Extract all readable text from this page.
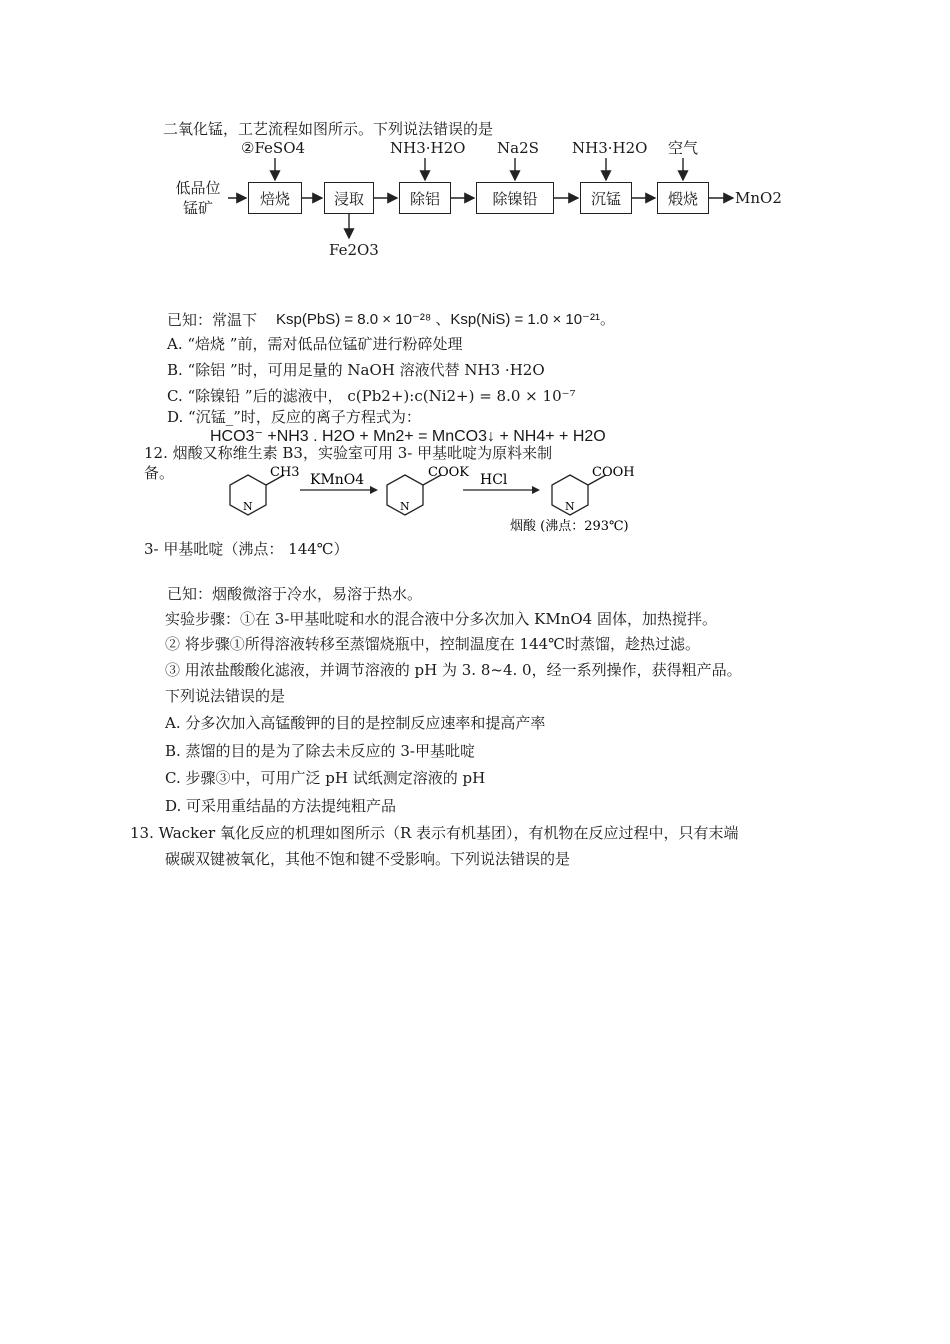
二氧化锰，工艺流程如图所示。下列说法错误的是
低品位锰矿	焙烧	浸取	除铝	除镍铅	沉锰	煅烧	MnO2
②FeSO4	NH3·H2O Na2S NH3·H2O 空气
Fe2O3
已知：常温下 Ksp(PbS) = 8.0 × 10⁻²⁸ 、Ksp(NiS) = 1.0 × 10⁻²¹。
A. “焙烧 ”前，需对低品位锰矿进行粉碎处理
B. “除铝 ”时，可用足量的 NaOH 溶液代替 NH3 ·H2O
C. “除镍铅 ”后的滤液中， c(Pb2+):c(Ni2+) = 8.0 × 10⁻⁷
D. “沉锰_”时，反应的离子方程式为：
HCO3⁻ +NH3 . H2O + Mn2+ = MnCO3↓ + NH4+ + H2O
12. 烟酸又称维生素 B3，实验室可用 3- 甲基吡啶为原料来制
备。	KMnO4	HCl
CH3	COOK	COOH
N	N	N
烟酸 (沸点：293℃)
3- 甲基吡啶（沸点： 144℃）
已知：烟酸微溶于冷水，易溶于热水。
实验步骤：①在 3-甲基吡啶和水的混合液中分多次加入 KMnO4 固体，加热搅拌。
② 将步骤①所得溶液转移至蒸馏烧瓶中，控制温度在 144℃时蒸馏，趁热过滤。
③ 用浓盐酸酸化滤液，并调节溶液的 pH 为 3. 8~4. 0，经一系列操作，获得粗产品。
下列说法错误的是
A. 分多次加入高锰酸钾的目的是控制反应速率和提高产率
B. 蒸馏的目的是为了除去未反应的 3-甲基吡啶
C. 步骤③中，可用广泛 pH 试纸测定溶液的 pH
D. 可采用重结晶的方法提纯粗产品
13. Wacker 氧化反应的机理如图所示（R 表示有机基团），有机物在反应过程中，只有末端
碳碳双键被氧化，其他不饱和键不受影响。下列说法错误的是
